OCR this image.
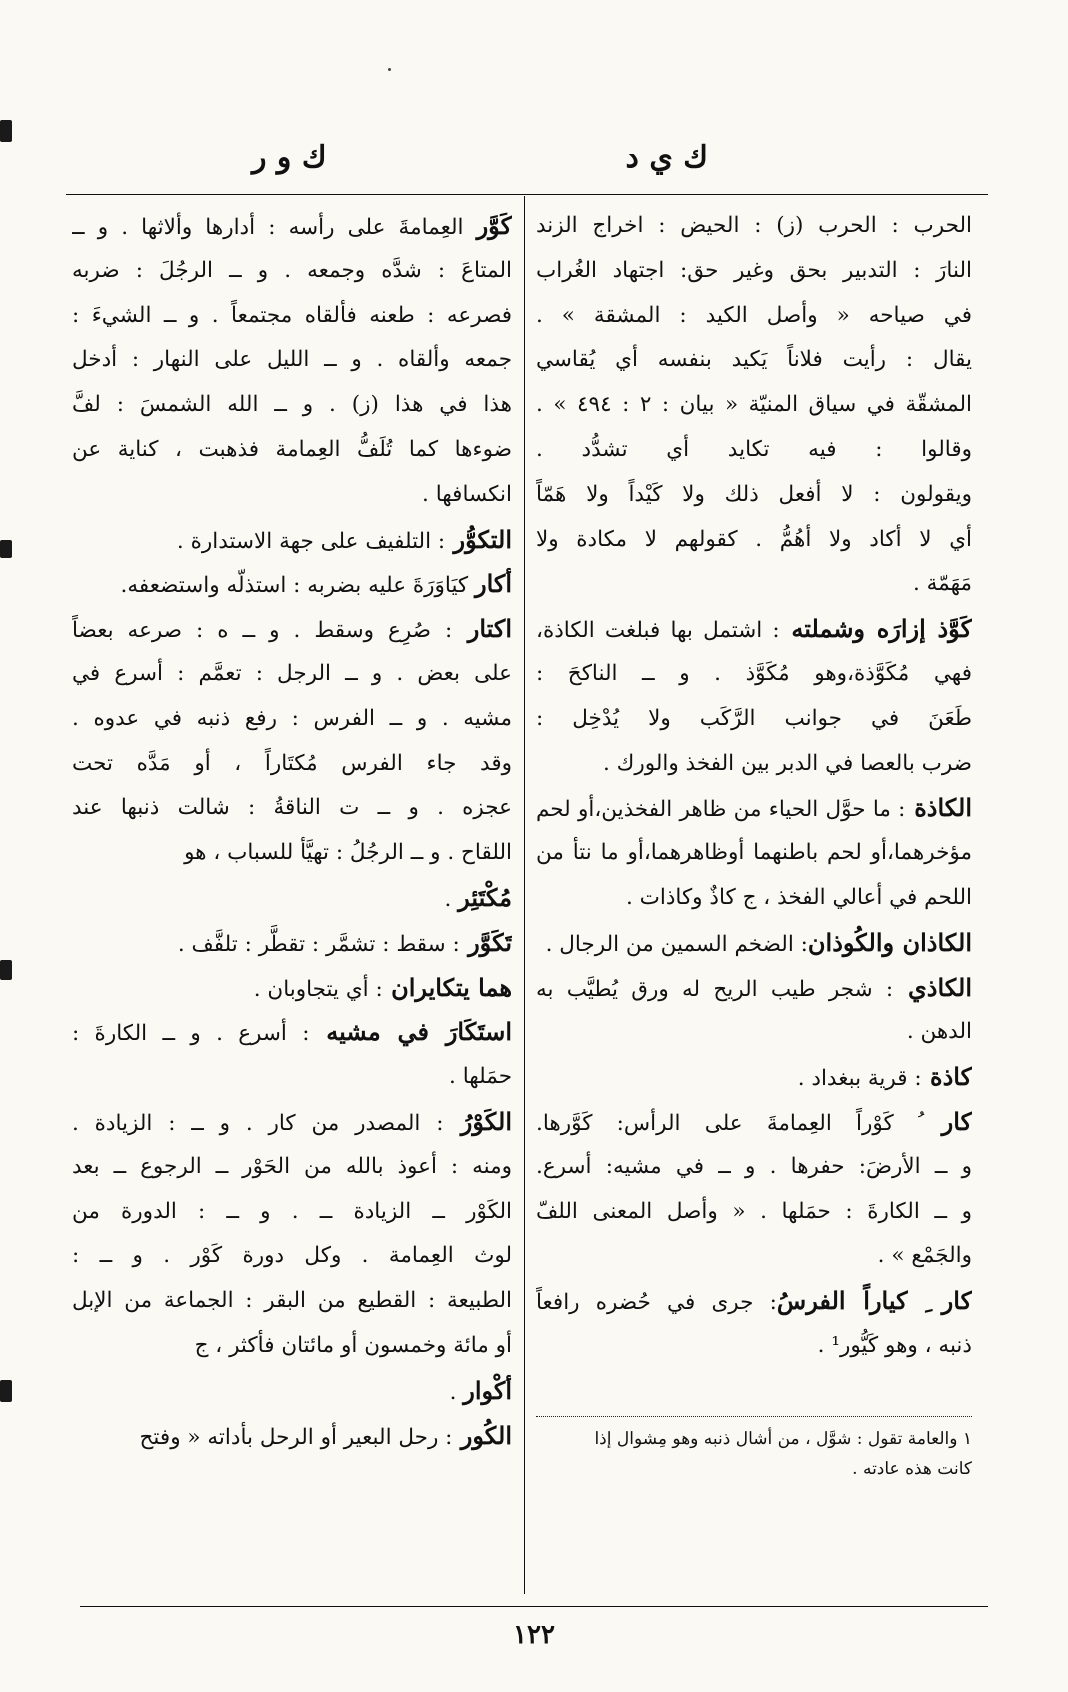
ك ي د
ك و ر
الحرب : الحرب (ز) : الحيض : اخراج الزند
النارَ : التدبير بحق وغير حق: اجتهاد الغُراب
في صياحه « وأصل الكيد : المشقة » .
يقال : رأيت فلاناً يَكيد بنفسه أي يُقاسي
المشقّة في سياق المنيّة « بيان : ٢ : ٤٩٤ » .
وقالوا : فيه تكايد أي تشدُّد .
ويقولون : لا أفعل ذلك ولا كَيْداً ولا هَمّاً
أي لا أكاد ولا أهُمُّ . كقولهم لا مكادة ولا
مَهَمّة .
كَوَّذ إزارَه وشملته : اشتمل بها فبلغت الكاذة،
فهي مُكَوَّذة،وهو مُكَوَّذ . و ــ الناكحَ :
طَعَنَ في جوانب الرَّكَب ولا يُدْخِل :
ضرب بالعصا في الدبر بين الفخذ والورك .
الكاذة : ما حوَّل الحياء من ظاهر الفخذين،أو لحم
مؤخرهما،أو لحم باطنهما أوظاهرهما،أو ما نتأ من
اللحم في أعالي الفخذ ، ج كاذٌ وكاذات .
الكاذان والكُوذان: الضخم السمين من الرجال .
الكاذي : شجر طيب الريح له ورق يُطيَّب به
الدهن .
كاذة : قرية ببغداد .
كار ُ كَوْراً العِمامةَ على الرأس: كَوَّرها.
و ــ الأرضَ: حفرها . و ــ في مشيه: أسرع.
و ــ الكارةَ : حمَلها . « وأصل المعنى اللفّ
والجَمْع » .
كار ِ كياراً الفرسُ: جرى في حُضره رافعاً
ذنبه ، وهو كَيُّور¹ .
كَوَّر العِمامةَ على رأسه : أدارها وألاثها . و ــ
المتاعَ : شدَّه وجمعه . و ــ الرجُلَ : ضربه
فصرعه : طعنه فألقاه مجتمعاً . و ــ الشيءَ :
جمعه وألقاه . و ــ الليل على النهار : أدخل
هذا في هذا (ز) . و ــ الله الشمسَ : لفَّ
ضوءها كما تُلَفُّ العِمامة فذهبت ، كناية عن
انكسافها .
التكوُّر : التلفيف على جهة الاستدارة .
أكار كيَاوَرَةَ عليه بضربه : استذلّه واستضعفه.
اكتار : صُرِع وسقط . و ــ ه : صرعه بعضاً
على بعض . و ــ الرجل : تعمَّم : أسرع في
مشيه . و ــ الفرس : رفع ذنبه في عدوه .
وقد جاء الفرس مُكتَاراً ، أو مَدَّه تحت
عجزه . و ــ ت الناقةُ : شالت ذنبها عند
اللقاح . و ــ الرجُلُ : تهيَّأ للسباب ، هو
مُكْتَئِر .
تَكَوَّر : سقط : تشمَّر : تقطَّر : تلفَّف .
هما يتكايران : أي يتجاوبان .
استَكَارَ في مشيه : أسرع . و ــ الكارةَ :
حمَلها .
الكَوْرُ : المصدر من كار . و ــ : الزيادة .
ومنه : أعوذ بالله من الحَوْر ــ الرجوع ــ بعد
الكَوْر ــ الزيادة ــ . و ــ : الدورة من
لوث العِمامة . وكل دورة كَوْر . و ــ :
الطبيعة : القطيع من البقر : الجماعة من الإبل
أو مائة وخمسون أو مائتان فأكثر ، ج
أكْوار .
الكُور : رحل البعير أو الرحل بأداته « وفتح	١ والعامة تقول : شوَّل ، من أشال ذنبه وهو مِشوال إذا
كانت هذه عادته .
١٢٢
